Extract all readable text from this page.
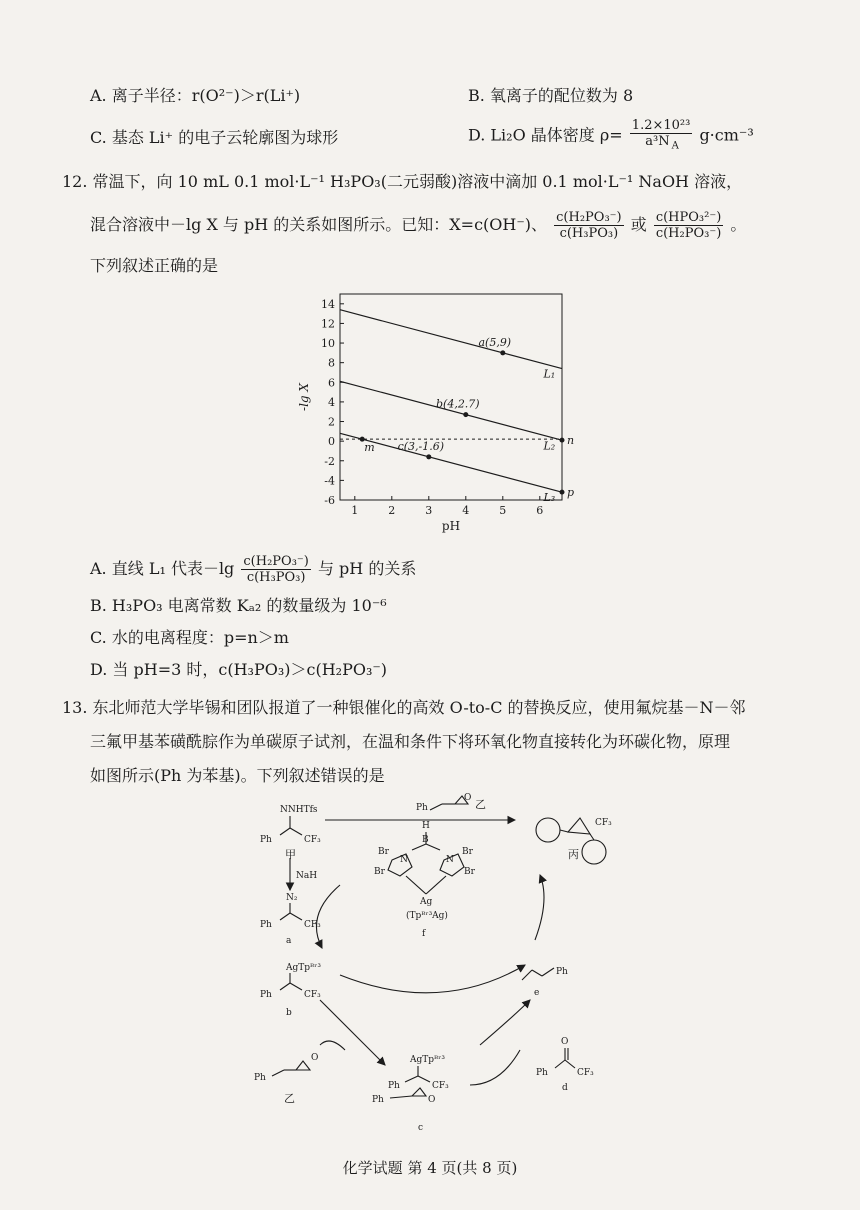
A. 离子半径：r(O²⁻)＞r(Li⁺)	B. 氧离子的配位数为 8
C. 基态 Li⁺ 的电子云轮廓图为球形	D. Li₂O 晶体密度 $\rho= \frac{\text{1.2×10²³}}{a^3N _A} g\cdot cm^{-3}$
12. 常温下，向 10 mL 0.1 mol·L⁻¹ H₃PO₃(二元弱酸)溶液中滴加 0.1 mol·L⁻¹ NaOH 溶液，
混合溶液中－lg X 与 pH 的关系如图所示。已知：X=c(OH⁻)、 $\frac{\text{c(H₂PO₃⁻)}}{\text{c(H₃PO₃)}}$ 或 $\frac{\text{c(HPO₃²⁻)}}{\text{c(H₂PO₃⁻)}}$ 。
下列叙述正确的是
1	2	3	4	5	6
-6
-4
-2
0
2
4
6
8
10
12
14
pH
-lg X
L₁
L₂
L₃
a(5,9)
b(4,2.7)
c(3,-1.6)
m
n
p
A. 直线 L₁ 代表$-\lg \frac{\text{c(H₂PO₃⁻)}}{\text{c(H₃PO₃)}}$ 与 pH 的关系
B. H₃PO₃ 电离常数 Kₐ₂ 的数量级为 10⁻⁶
C. 水的电离程度：p=n＞m
D. 当 pH=3 时，c(H₃PO₃)＞c(H₂PO₃⁻)
13. 东北师范大学毕锡和团队报道了一种银催化的高效 O-to-C 的替换反应，使用氟烷基－N－邻
三氟甲基苯磺酰腙作为单碳原子试剂，在温和条件下将环氧化物直接转化为环碳化物，原理
如图所示(Ph 为苯基)。下列叙述错误的是
NNHTfs
Ph	CF₃
甲
NaH
N₂
Ph	CF₃
a
AgTpᴮʳ³
Ph	CF₃
b
Ph
O 乙
CF₃
丙
H
B
Br	Br
Br	Br
N	N
Ag
(Tpᴮʳ³Ag)
f
Ph
e
O
Ph	CF₃
d
Ph
O
乙
AgTpᴮʳ³
Ph	CF₃
Ph	O
c
化学试题 第 4 页(共 8 页)
